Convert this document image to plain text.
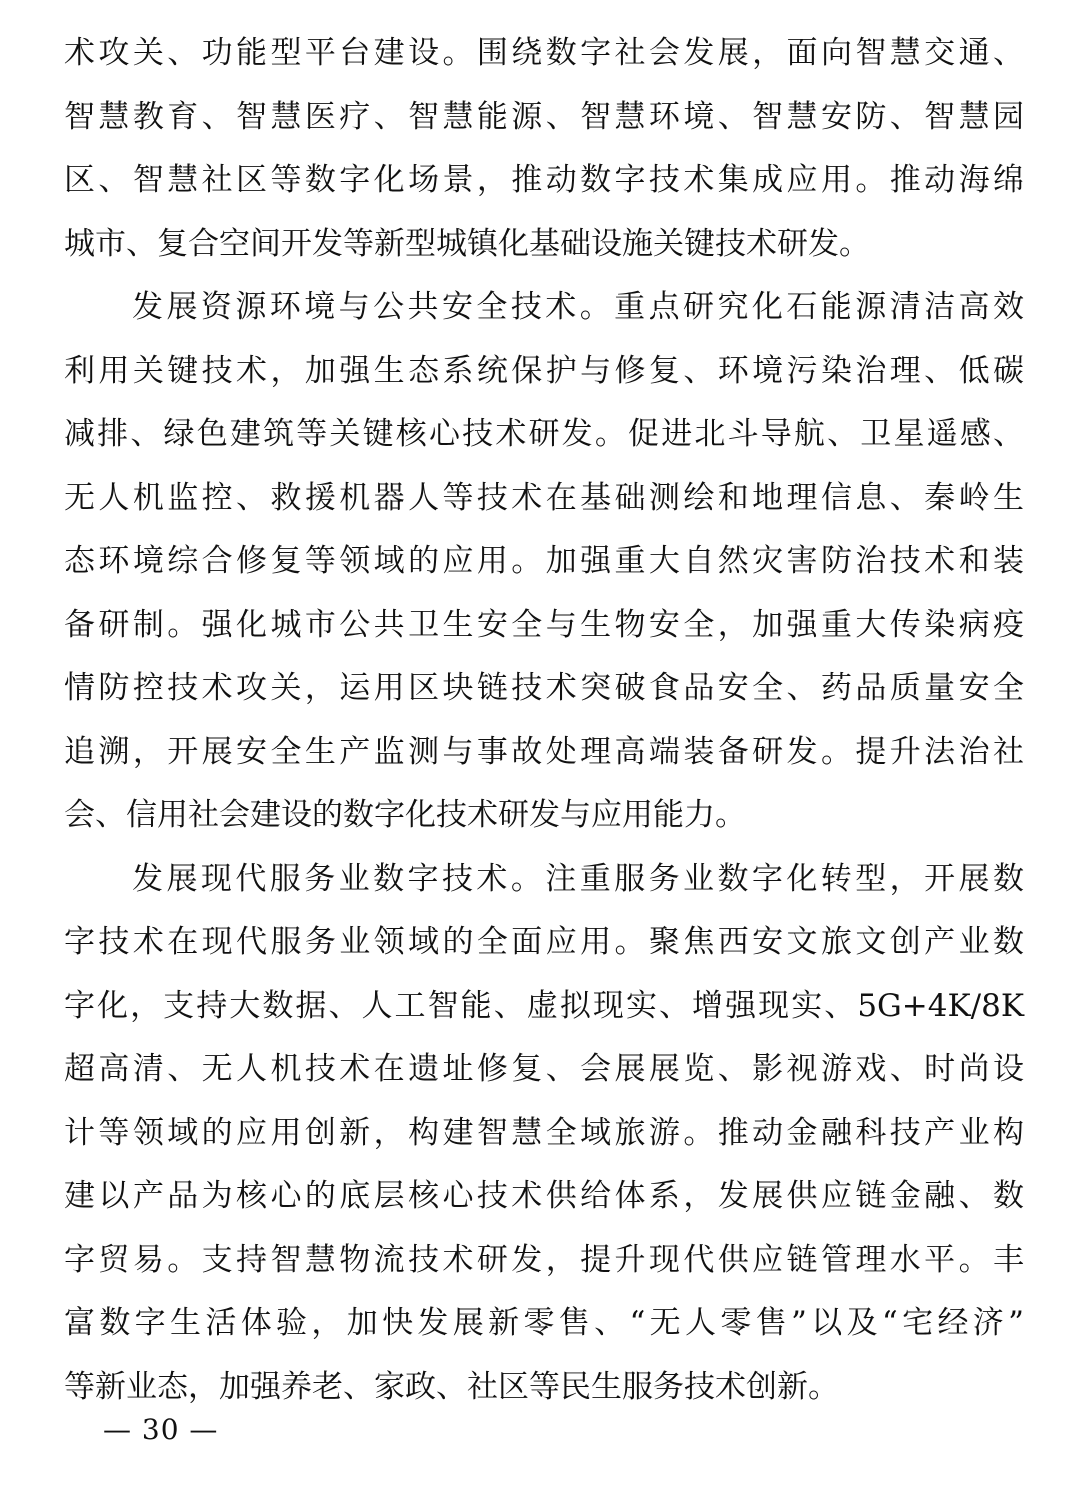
术攻关、功能型平台建设。围绕数字社会发展，面向智慧交通、
智慧教育、智慧医疗、智慧能源、智慧环境、智慧安防、智慧园
区、智慧社区等数字化场景，推动数字技术集成应用。推动海绵
城市、复合空间开发等新型城镇化基础设施关键技术研发。
发展资源环境与公共安全技术。重点研究化石能源清洁高效
利用关键技术，加强生态系统保护与修复、环境污染治理、低碳
减排、绿色建筑等关键核心技术研发。促进北斗导航、卫星遥感、
无人机监控、救援机器人等技术在基础测绘和地理信息、秦岭生
态环境综合修复等领域的应用。加强重大自然灾害防治技术和装
备研制。强化城市公共卫生安全与生物安全，加强重大传染病疫
情防控技术攻关，运用区块链技术突破食品安全、药品质量安全
追溯，开展安全生产监测与事故处理高端装备研发。提升法治社
会、信用社会建设的数字化技术研发与应用能力。
发展现代服务业数字技术。注重服务业数字化转型，开展数
字技术在现代服务业领域的全面应用。聚焦西安文旅文创产业数
字化，支持大数据、人工智能、虚拟现实、增强现实、5G+4K/8K
超高清、无人机技术在遗址修复、会展展览、影视游戏、时尚设
计等领域的应用创新，构建智慧全域旅游。推动金融科技产业构
建以产品为核心的底层核心技术供给体系，发展供应链金融、数
字贸易。支持智慧物流技术研发，提升现代供应链管理水平。丰
富数字生活体验，加快发展新零售、“无人零售”以及“宅经济”
等新业态，加强养老、家政、社区等民生服务技术创新。
— 30 —
